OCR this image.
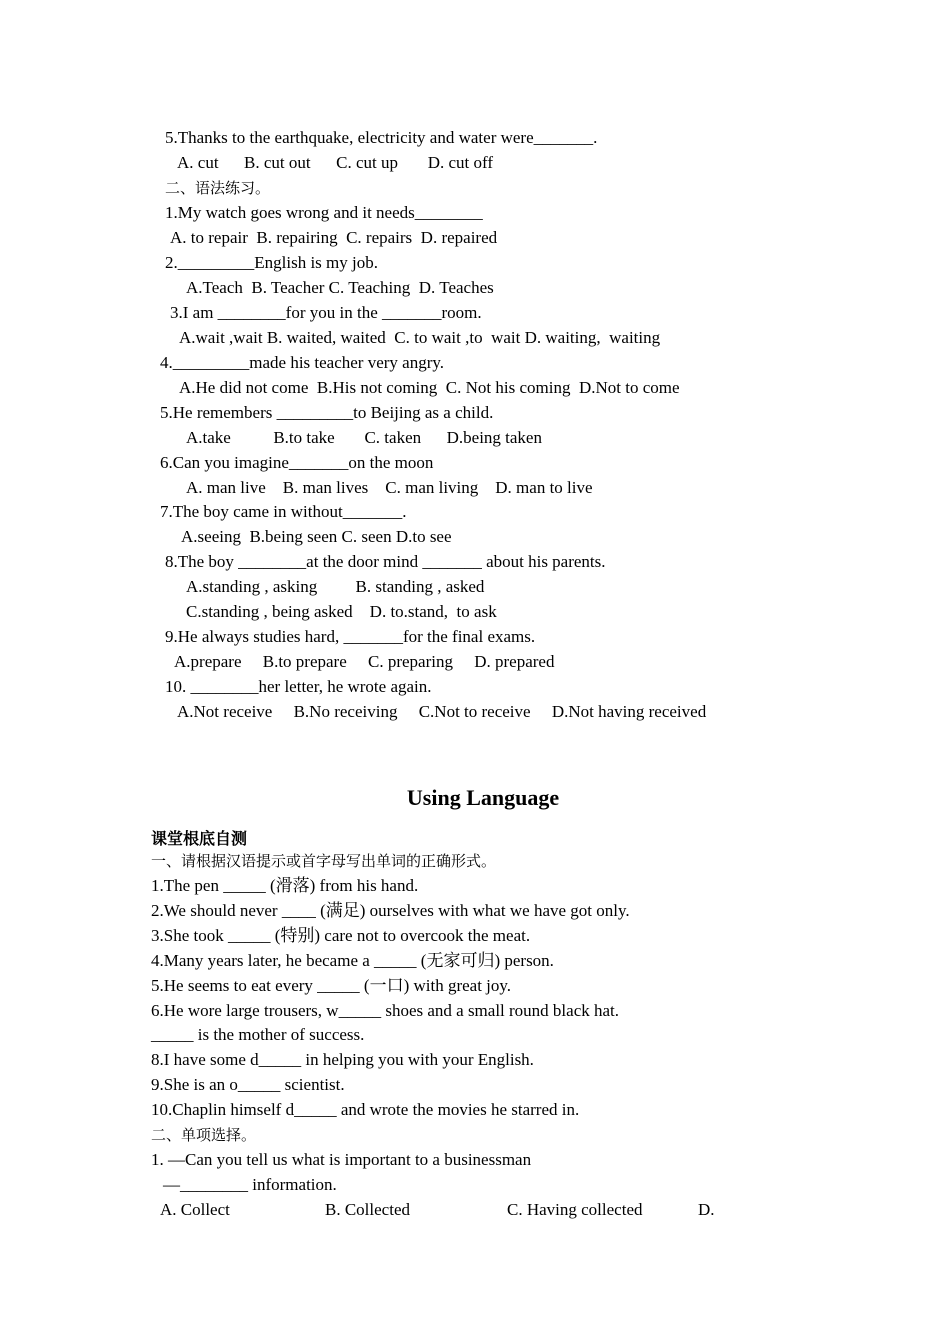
5.Thanks to the earthquake, electricity and water were_______.
A. cut      B. cut out      C. cut up       D. cut off
二、语法练习。
1.My watch goes wrong and it needs________
A. to repair  B. repairing  C. repairs  D. repaired
2._________English is my job.
A.Teach  B. Teacher C. Teaching  D. Teaches
3.I am ________for you in the _______room.
A.wait ,wait B. waited, waited  C. to wait ,to  wait D. waiting,  waiting
4._________made his teacher very angry.
A.He did not come  B.His not coming  C. Not his coming  D.Not to come
5.He remembers _________to Beijing as a child.
A.take          B.to take       C. taken      D.being taken
6.Can you imagine_______on the moon
A. man live    B. man lives    C. man living    D. man to live
7.The boy came in without_______.
A.seeing  B.being seen C. seen D.to see
8.The boy ________at the door mind _______ about his parents.
A.standing , asking         B. standing , asked
C.standing , being asked    D. to.stand,  to ask
9.He always studies hard, _______for the final exams.
A.prepare     B.to prepare     C. preparing     D. prepared
10. ________her letter, he wrote again.
A.Not receive     B.No receiving     C.Not to receive     D.Not having received
Using Language
课堂根底自测
一、请根据汉语提示或首字母写出单词的正确形式。
1.The pen _____ (滑落) from his hand.
2.We should never ____ (满足) ourselves with what we have got only.
3.She took _____ (特别) care not to overcook the meat.
4.Many years later, he became a _____ (无家可归) person.
5.He seems to eat every _____ (一口) with great joy.
6.He wore large trousers, w_____ shoes and a small round black hat.
_____ is the mother of success.
8.I have some d_____ in helping you with your English.
9.She is an o_____ scientist.
10.Chaplin himself d_____ and wrote the movies he starred in.
二、单项选择。
1. —Can you tell us what is important to a businessman
—________ information.
A. Collect	B. Collected	C. Having collected	D.
